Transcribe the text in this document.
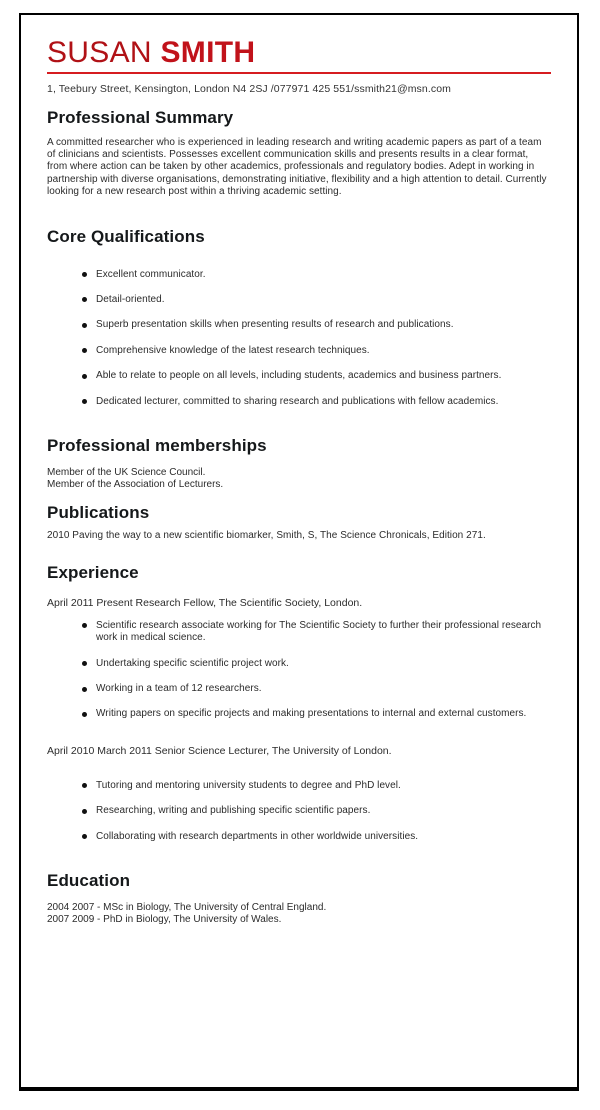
SUSAN SMITH
1, Teebury Street, Kensington, London N4 2SJ /077971 425 551/ssmith21@msn.com
Professional Summary

A committed researcher who is experienced in leading research and writing academic papers as part of a team of clinicians and scientists. Possesses excellent communication skills and presents results in a clear format, from where action can be taken by other academics, professionals and regulatory bodies. Adept in working in partnership with diverse organisations, demonstrating initiative, flexibility and a high attention to detail. Currently looking for a new research post within a thriving academic setting.

Core Qualifications
Excellent communicator.
Detail-oriented.
Superb presentation skills when presenting results of research and publications.
Comprehensive knowledge of the latest research techniques.
Able to relate to people on all levels, including students, academics and business partners.
Dedicated lecturer, committed to sharing research and publications with fellow academics.
Professional memberships

Member of the UK Science Council.

Member of the Association of Lecturers.

Publications

2010 Paving the way to a new scientific biomarker, Smith, S, The Science Chronicals, Edition 271.

Experience

April 2011 Present Research Fellow, The Scientific Society, London.

Scientific research associate working for The Scientific Society to further their professional research work in medical science.
Undertaking specific scientific project work.
Working in a team of 12 researchers.
Writing papers on specific projects and making presentations to internal and external customers.

April 2010 March 2011 Senior Science Lecturer, The University of London.

Tutoring and mentoring university students to degree and PhD level.
Researching, writing and publishing specific scientific papers.
Collaborating with research departments in other worldwide universities.
Education

2004 2007 - MSc in Biology, The University of Central England.

2007 2009 - PhD in Biology, The University of Wales.
